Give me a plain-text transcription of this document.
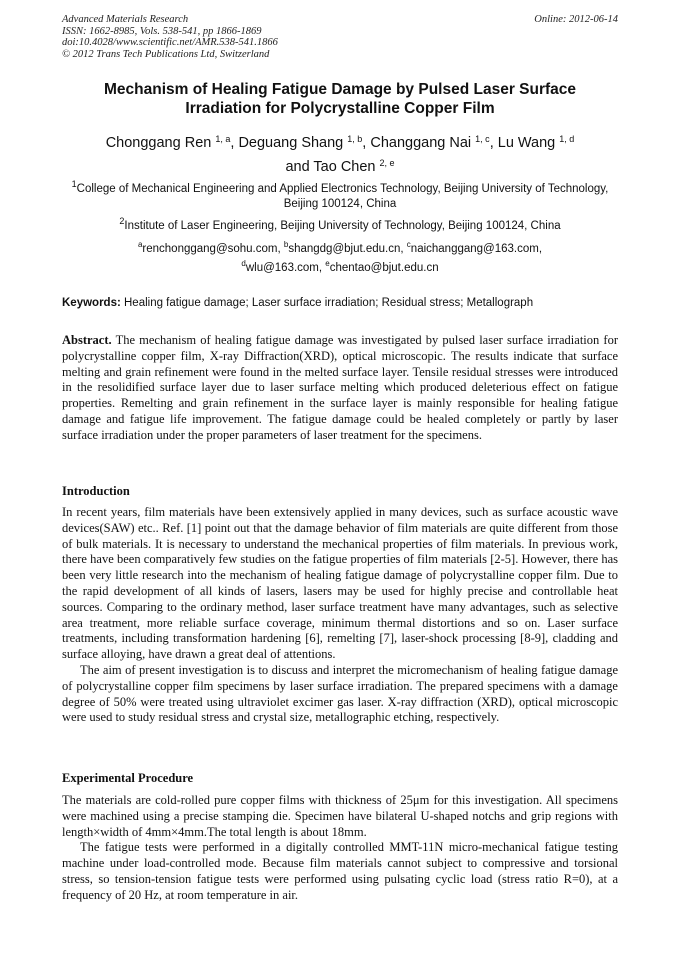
Advanced Materials Research
ISSN: 1662-8985, Vols. 538-541, pp 1866-1869
doi:10.4028/www.scientific.net/AMR.538-541.1866
© 2012 Trans Tech Publications Ltd, Switzerland
Online: 2012-06-14
Mechanism of Healing Fatigue Damage by Pulsed Laser Surface
Irradiation for Polycrystalline Copper Film
Chonggang Ren $^{1, a}$, Deguang Shang $^{1, b}$, Changgang Nai $^{1, c}$, Lu Wang $^{1, d}$
and Tao Chen $^{2, e}$
$^1$College of Mechanical Engineering and Applied Electronics Technology, Beijing University of Technology, Beijing 100124, China
$^2$Institute of Laser Engineering, Beijing University of Technology, Beijing 100124, China
$^a$renchonggang@sohu.com, $^b$shangdg@bjut.edu.cn, $^c$naichanggang@163.com,
$^d$wlu@163.com, $^e$chentao@bjut.edu.cn
Keywords: Healing fatigue damage; Laser surface irradiation; Residual stress; Metallograph
Abstract. The mechanism of healing fatigue damage was investigated by pulsed laser surface irradiation for polycrystalline copper film, X-ray Diffraction(XRD), optical microscopic. The results indicate that surface melting and grain refinement were found in the melted surface layer. Tensile residual stresses were introduced in the resolidified surface layer due to laser surface melting which produced deleterious effect on fatigue properties. Remelting and grain refinement in the surface layer is mainly responsible for healing fatigue damage and fatigue life improvement. The fatigue damage could be healed completely or partly by laser surface irradiation under the proper parameters of laser treatment for the specimens.
Introduction
In recent years, film materials have been extensively applied in many devices, such as surface acoustic wave devices(SAW) etc.. Ref. [1] point out that the damage behavior of film materials are quite different from those of bulk materials. It is necessary to understand the mechanical properties of film materials. In previous work, there have been comparatively few studies on the fatigue properties of film materials [2-5]. However, there has been very little research into the mechanism of healing fatigue damage of polycrystalline copper film. Due to the rapid development of all kinds of lasers, lasers may be used for highly precise and controllable heat sources. Comparing to the ordinary method, laser surface treatment have many advantages, such as selective area treatment, more reliable surface coverage, minimum thermal distortions and so on. Laser surface treatments, including transformation hardening [6], remelting [7], laser-shock processing [8-9], cladding and surface alloying, have drawn a great deal of attentions.
The aim of present investigation is to discuss and interpret the micromechanism of healing fatigue damage of polycrystalline copper film specimens by laser surface irradiation. The prepared specimens with a damage degree of 50% were treated using ultraviolet excimer gas laser. X-ray diffraction (XRD), optical microscopic were used to study residual stress and crystal size, metallographic etching, respectively.
Experimental Procedure
The materials are cold-rolled pure copper films with thickness of 25μm for this investigation. All specimens were machined using a precise stamping die. Specimen have bilateral U-shaped notchs and grip regions with length×width of 4mm×4mm.The total length is about 18mm.
The fatigue tests were performed in a digitally controlled MMT-11N micro-mechanical fatigue testing machine under load-controlled mode. Because film materials cannot subject to compressive and torsional stress, so tension-tension fatigue tests were performed using pulsating cyclic load (stress ratio R=0), at a frequency of 20 Hz, at room temperature in air.
